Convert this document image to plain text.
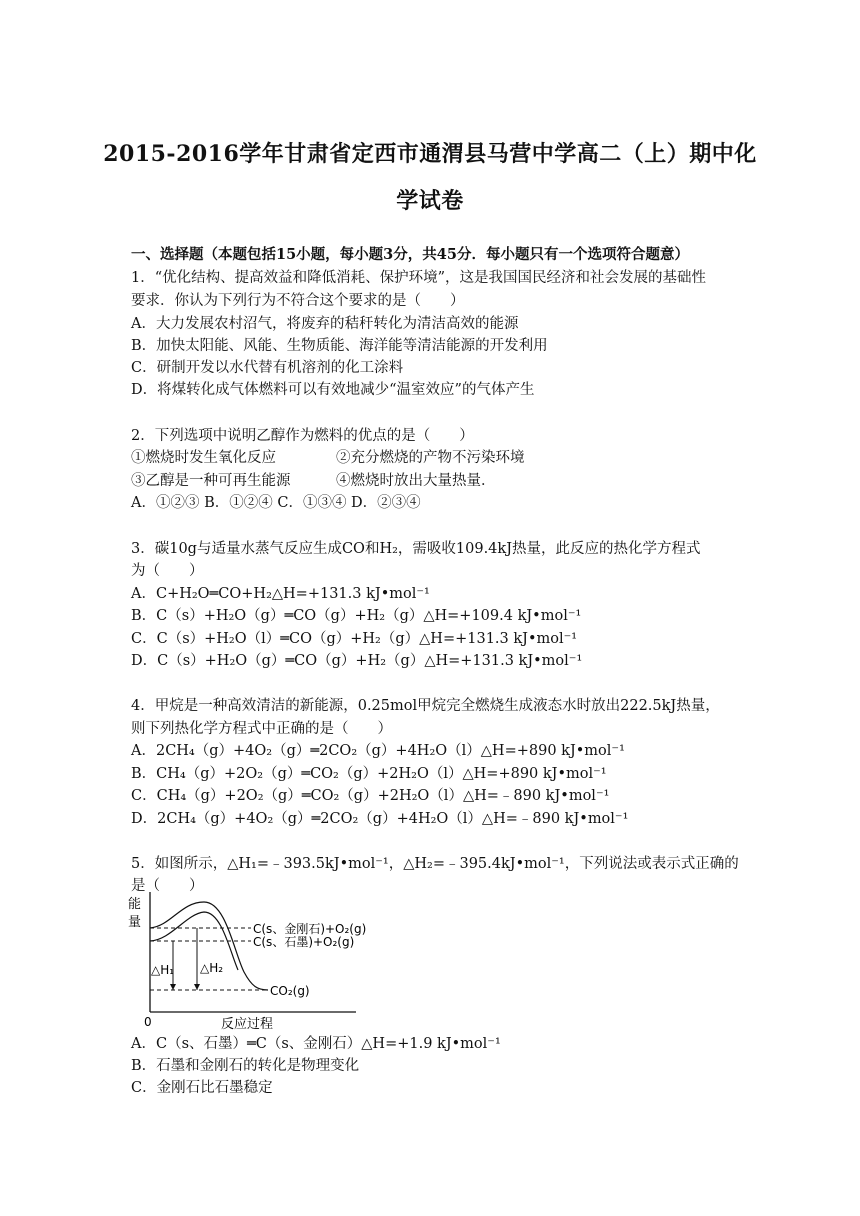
2015-2016学年甘肃省定西市通渭县马营中学高二（上）期中化
学试卷
一、选择题（本题包括15小题，每小题3分，共45分．每小题只有一个选项符合题意）
1．“优化结构、提高效益和降低消耗、保护环境”，这是我国国民经济和社会发展的基础性
要求．你认为下列行为不符合这个要求的是（　　）
A．大力发展农村沼气，将废弃的秸秆转化为清洁高效的能源
B．加快太阳能、风能、生物质能、海洋能等清洁能源的开发利用
C．研制开发以水代替有机溶剂的化工涂料
D．将煤转化成气体燃料可以有效地减少“温室效应”的气体产生
2．下列选项中说明乙醇作为燃料的优点的是（　　）
①燃烧时发生氧化反应	②充分燃烧的产物不污染环境
③乙醇是一种可再生能源	④燃烧时放出大量热量．
A．①②③ B．①②④ C．①③④ D．②③④
3．碳10g与适量水蒸气反应生成CO和H₂，需吸收109.4kJ热量，此反应的热化学方程式
为（　　）
A．C+H₂O═CO+H₂△H=+131.3 kJ•mol⁻¹
B．C（s）+H₂O（g）═CO（g）+H₂（g）△H=+109.4 kJ•mol⁻¹
C．C（s）+H₂O（l）═CO（g）+H₂（g）△H=+131.3 kJ•mol⁻¹
D．C（s）+H₂O（g）═CO（g）+H₂（g）△H=+131.3 kJ•mol⁻¹
4．甲烷是一种高效清洁的新能源，0.25mol甲烷完全燃烧生成液态水时放出222.5kJ热量，
则下列热化学方程式中正确的是（　　）
A．2CH₄（g）+4O₂（g）═2CO₂（g）+4H₂O（l）△H=+890 kJ•mol⁻¹
B．CH₄（g）+2O₂（g）═CO₂（g）+2H₂O（l）△H=+890 kJ•mol⁻¹
C．CH₄（g）+2O₂（g）═CO₂（g）+2H₂O（l）△H=﹣890 kJ•mol⁻¹
D．2CH₄（g）+4O₂（g）═2CO₂（g）+4H₂O（l）△H=﹣890 kJ•mol⁻¹
5．如图所示，△H₁=﹣393.5kJ•mol⁻¹，△H₂=﹣395.4kJ•mol⁻¹，下列说法或表示式正确的
是（　　）
能
量
△H₁ △H₂
C(s、金刚石)+O₂(g)
C(s、石墨)+O₂(g)
CO₂(g)
0	反应过程
A．C（s、石墨）═C（s、金刚石）△H=+1.9 kJ•mol⁻¹
B．石墨和金刚石的转化是物理变化
C．金刚石比石墨稳定
